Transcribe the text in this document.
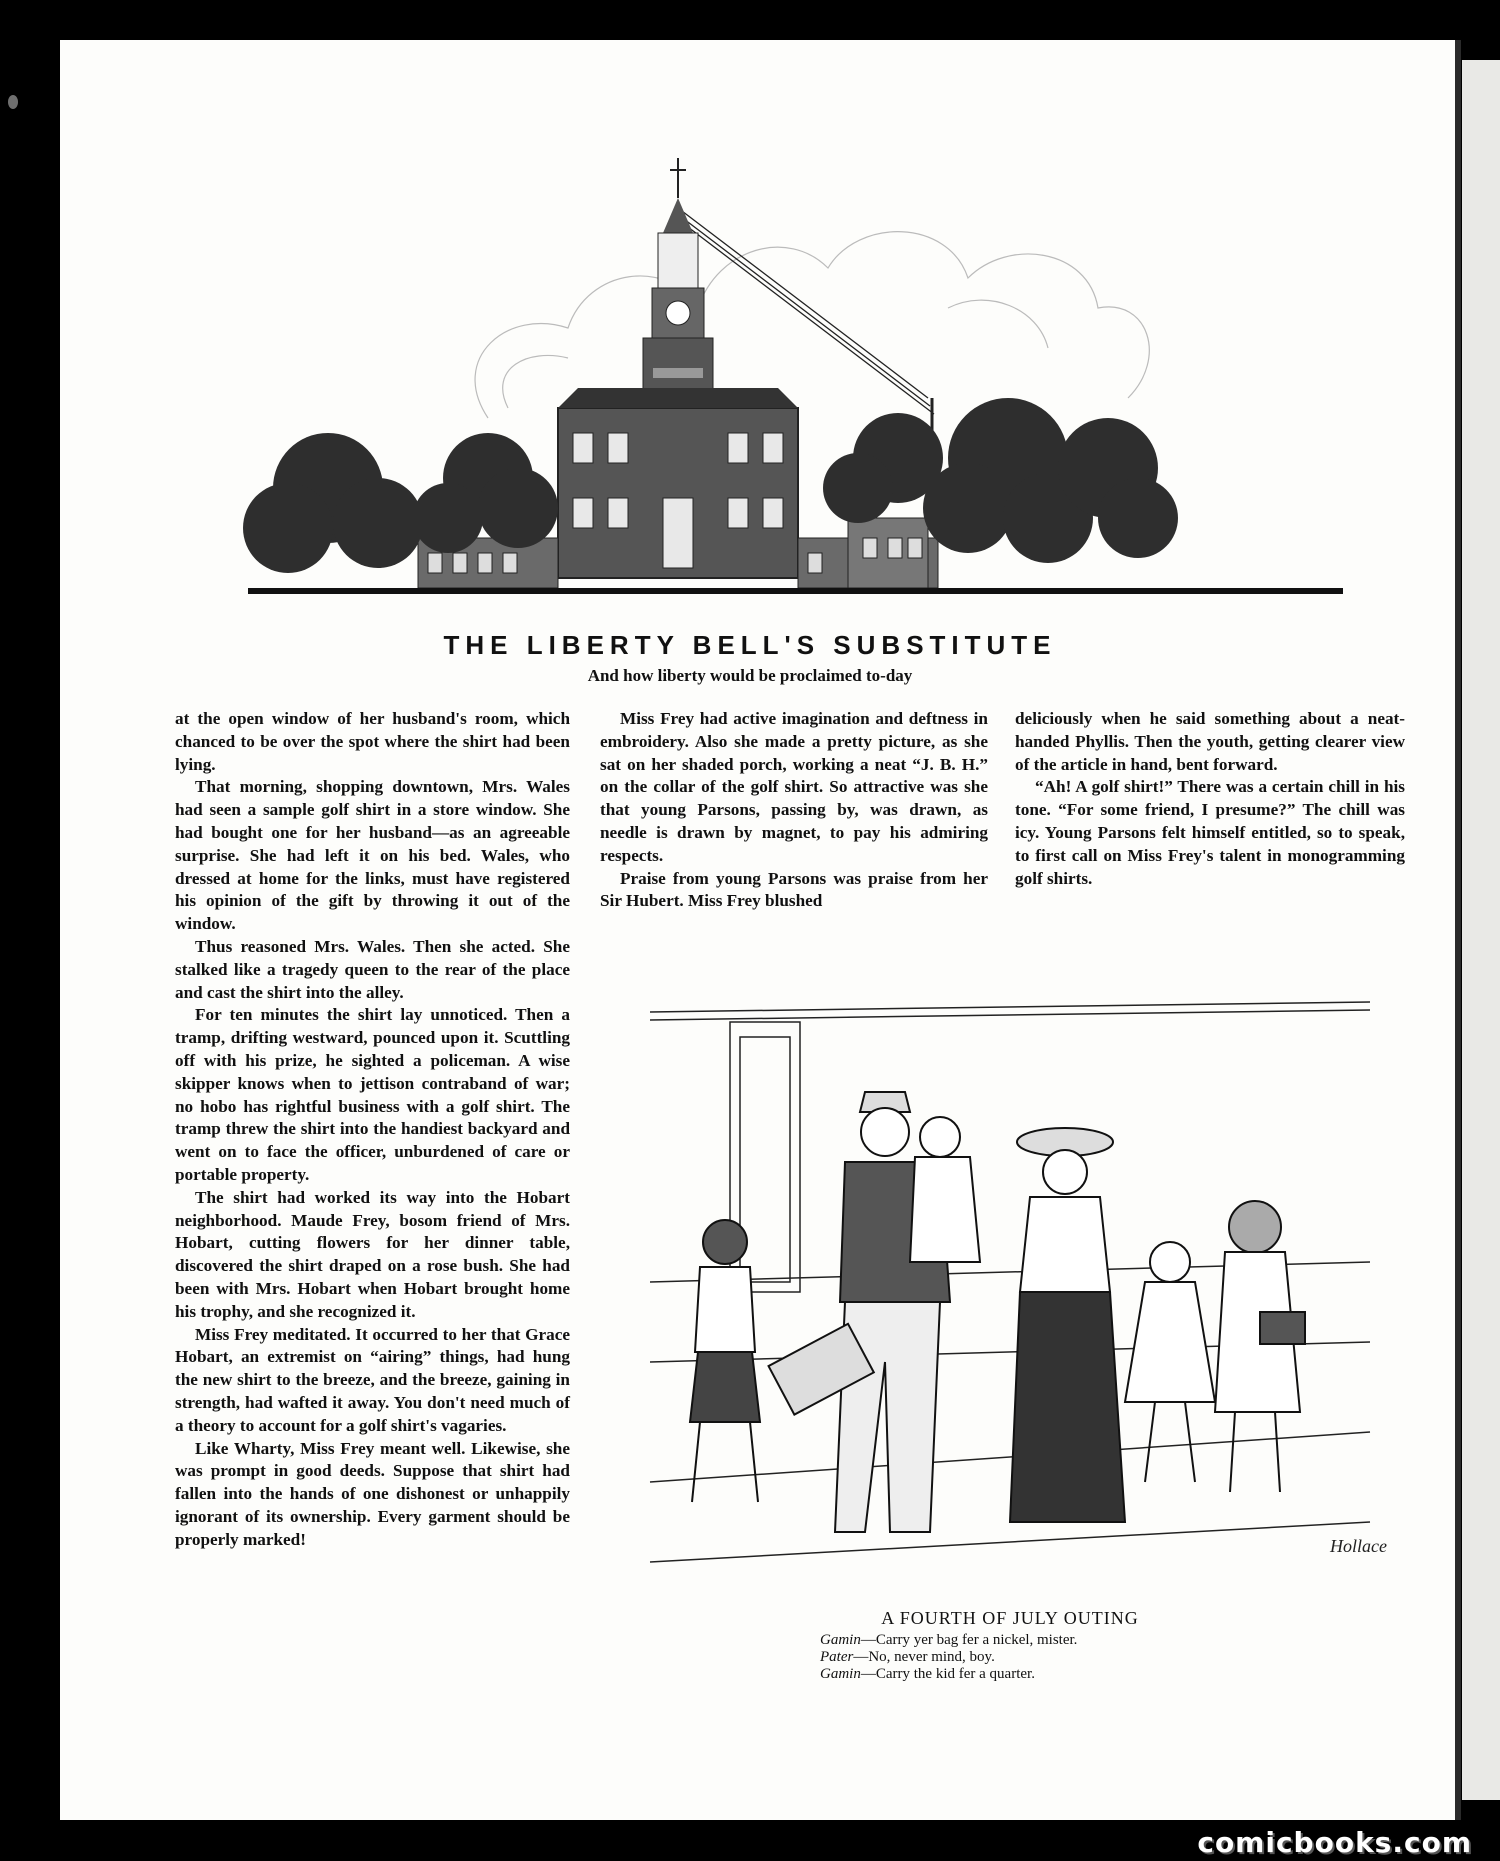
THE LIBERTY BELL'S SUBSTITUTE
And how liberty would be proclaimed to-day

at the open window of her husband's room, which chanced to be over the spot where the shirt had been lying.

That morning, shopping downtown, Mrs. Wales had seen a sample golf shirt in a store window. She had bought one for her husband—as an agreeable surprise. She had left it on his bed. Wales, who dressed at home for the links, must have registered his opinion of the gift by throwing it out of the window.

Thus reasoned Mrs. Wales. Then she acted. She stalked like a tragedy queen to the rear of the place and cast the shirt into the alley.

For ten minutes the shirt lay unnoticed. Then a tramp, drifting westward, pounced upon it. Scuttling off with his prize, he sighted a policeman. A wise skipper knows when to jettison contraband of war; no hobo has rightful business with a golf shirt. The tramp threw the shirt into the handiest backyard and went on to face the officer, unburdened of care or portable property.

The shirt had worked its way into the Hobart neighborhood. Maude Frey, bosom friend of Mrs. Hobart, cutting flowers for her dinner table, discovered the shirt draped on a rose bush. She had been with Mrs. Hobart when Hobart brought home his trophy, and she recognized it.

Miss Frey meditated. It occurred to her that Grace Hobart, an extremist on “airing” things, had hung the new shirt to the breeze, and the breeze, gaining in strength, had wafted it away. You don't need much of a theory to account for a golf shirt's vagaries.

Like Wharty, Miss Frey meant well. Likewise, she was prompt in good deeds. Suppose that shirt had fallen into the hands of one dishonest or unhappily ignorant of its ownership. Every garment should be properly marked!

Miss Frey had active imagination and deftness in embroidery. Also she made a pretty picture, as she sat on her shaded porch, working a neat “J. B. H.” on the collar of the golf shirt. So attractive was she that young Parsons, passing by, was drawn, as needle is drawn by magnet, to pay his admiring respects.

Praise from young Parsons was praise from her Sir Hubert. Miss Frey blushed

deliciously when he said something about a neat-handed Phyllis. Then the youth, getting clearer view of the article in hand, bent forward.

“Ah! A golf shirt!” There was a certain chill in his tone. “For some friend, I presume?” The chill was icy. Young Parsons felt himself entitled, so to speak, to first call on Miss Frey's talent in monogramming golf shirts.

Hollace
A FOURTH OF JULY OUTING
Gamin—Carry yer bag fer a nickel, mister.
Pater—No, never mind, boy.
Gamin—Carry the kid fer a quarter.
comicbooks.com
